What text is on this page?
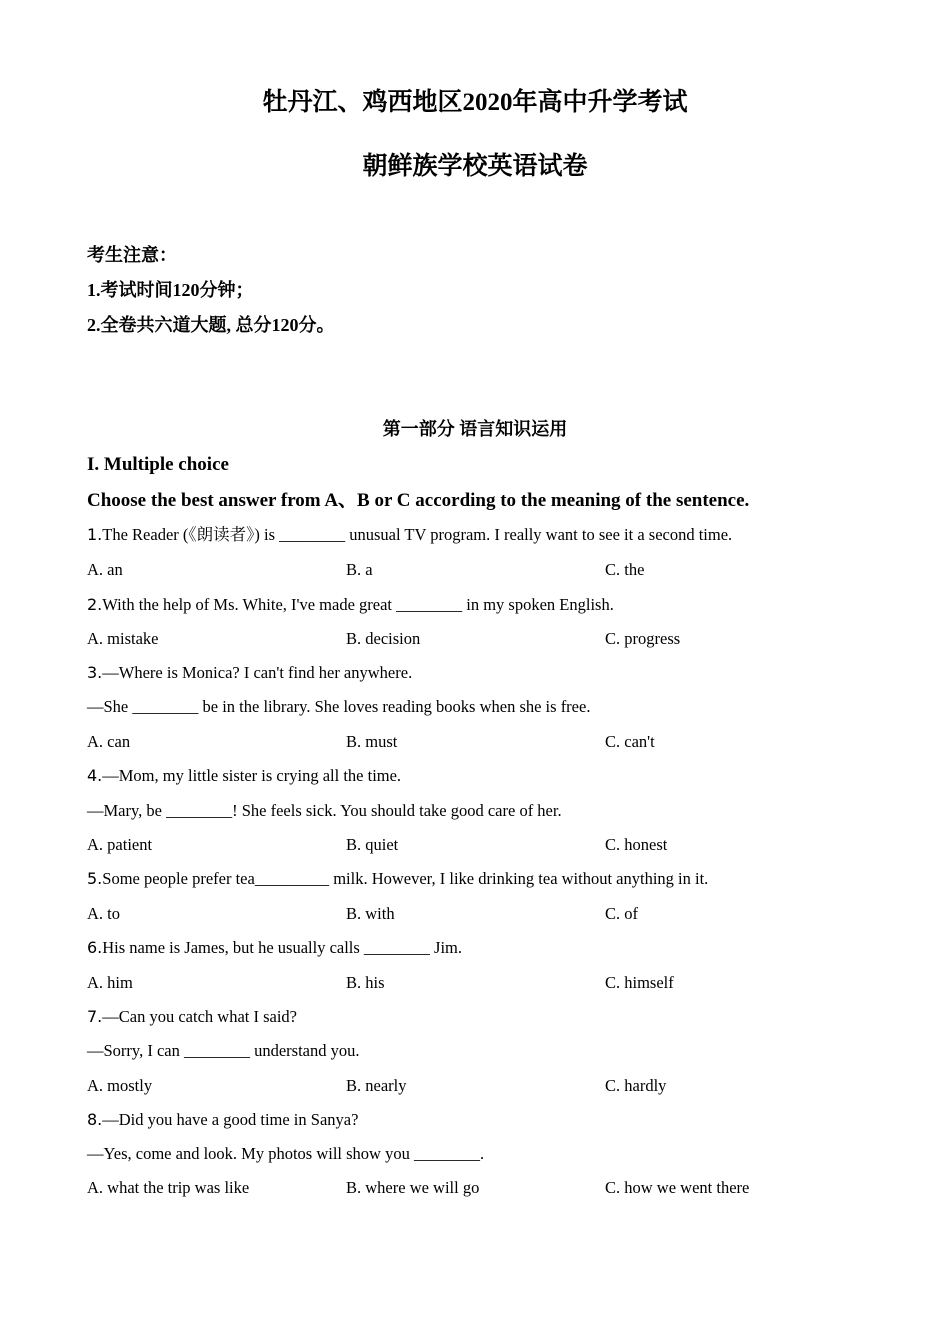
牡丹江、鸡西地区2020年高中升学考试
朝鲜族学校英语试卷
考生注意：
1.考试时间120分钟；
2.全卷共六道大题, 总分120分。
第一部分 语言知识运用
I. Multiple choice
Choose the best answer from A、B or C according to the meaning of the sentence.
1.The Reader (《朗读者》) is ________ unusual TV program. I really want to see it a second time.
A. an	B. a	C. the
2.With the help of Ms. White, I've made great ________ in my spoken English.
A. mistake	B. decision	C. progress
3.—Where is Monica? I can't find her anywhere.
—She ________ be in the library. She loves reading books when she is free.
A. can	B. must	C. can't
4.—Mom, my little sister is crying all the time.
—Mary, be ________! She feels sick. You should take good care of her.
A. patient	B. quiet	C. honest
5.Some people prefer tea_________ milk. However, I like drinking tea without anything in it.
A. to	B. with	C. of
6.His name is James, but he usually calls ________ Jim.
A. him	B. his	C. himself
7.—Can you catch what I said?
—Sorry, I can ________ understand you.
A. mostly	B. nearly	C. hardly
8.—Did you have a good time in Sanya?
—Yes, come and look. My photos will show you ________.
A. what the trip was like	B. where we will go	C. how we went there
